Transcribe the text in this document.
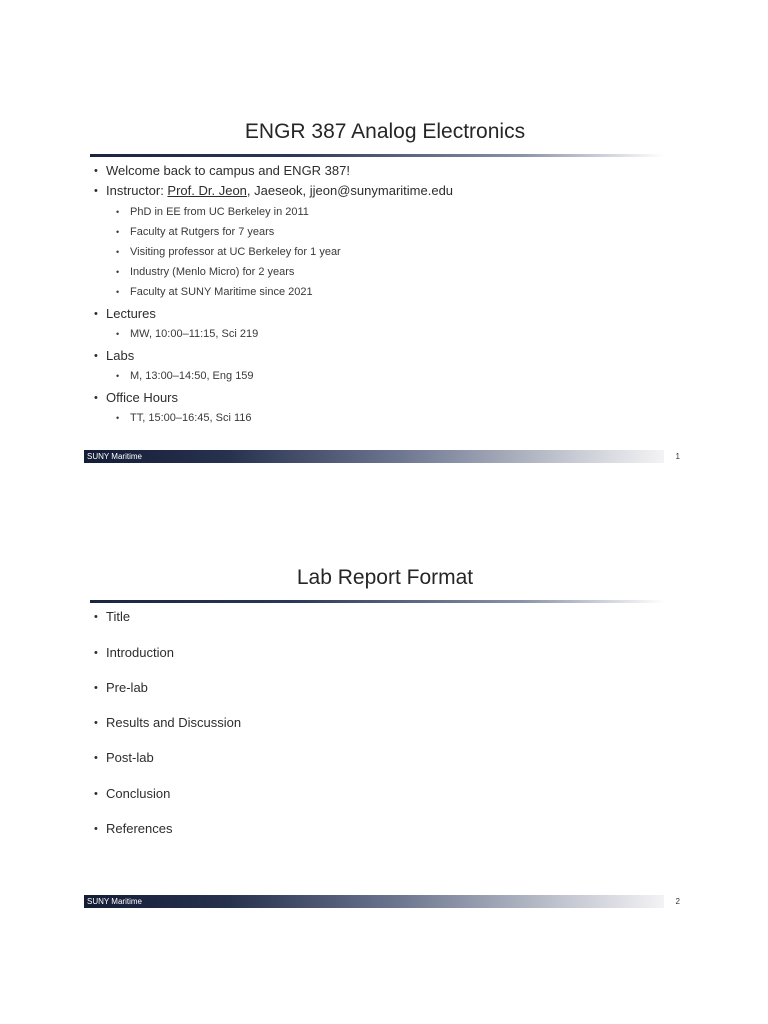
ENGR 387 Analog Electronics
• Welcome back to campus and ENGR 387!
• Instructor: Prof. Dr. Jeon, Jaeseok, jjeon@sunymaritime.edu
• PhD in EE from UC Berkeley in 2011
• Faculty at Rutgers for 7 years
• Visiting professor at UC Berkeley for 1 year
• Industry (Menlo Micro) for 2 years
• Faculty at SUNY Maritime since 2021
• Lectures
• MW, 10:00–11:15, Sci 219
• Labs
• M, 13:00–14:50, Eng 159
• Office Hours
• TT, 15:00–16:45, Sci 116
SUNY Maritime	1
Lab Report Format
• Title
• Introduction
• Pre-lab
• Results and Discussion
• Post-lab
• Conclusion
• References
SUNY Maritime	2
